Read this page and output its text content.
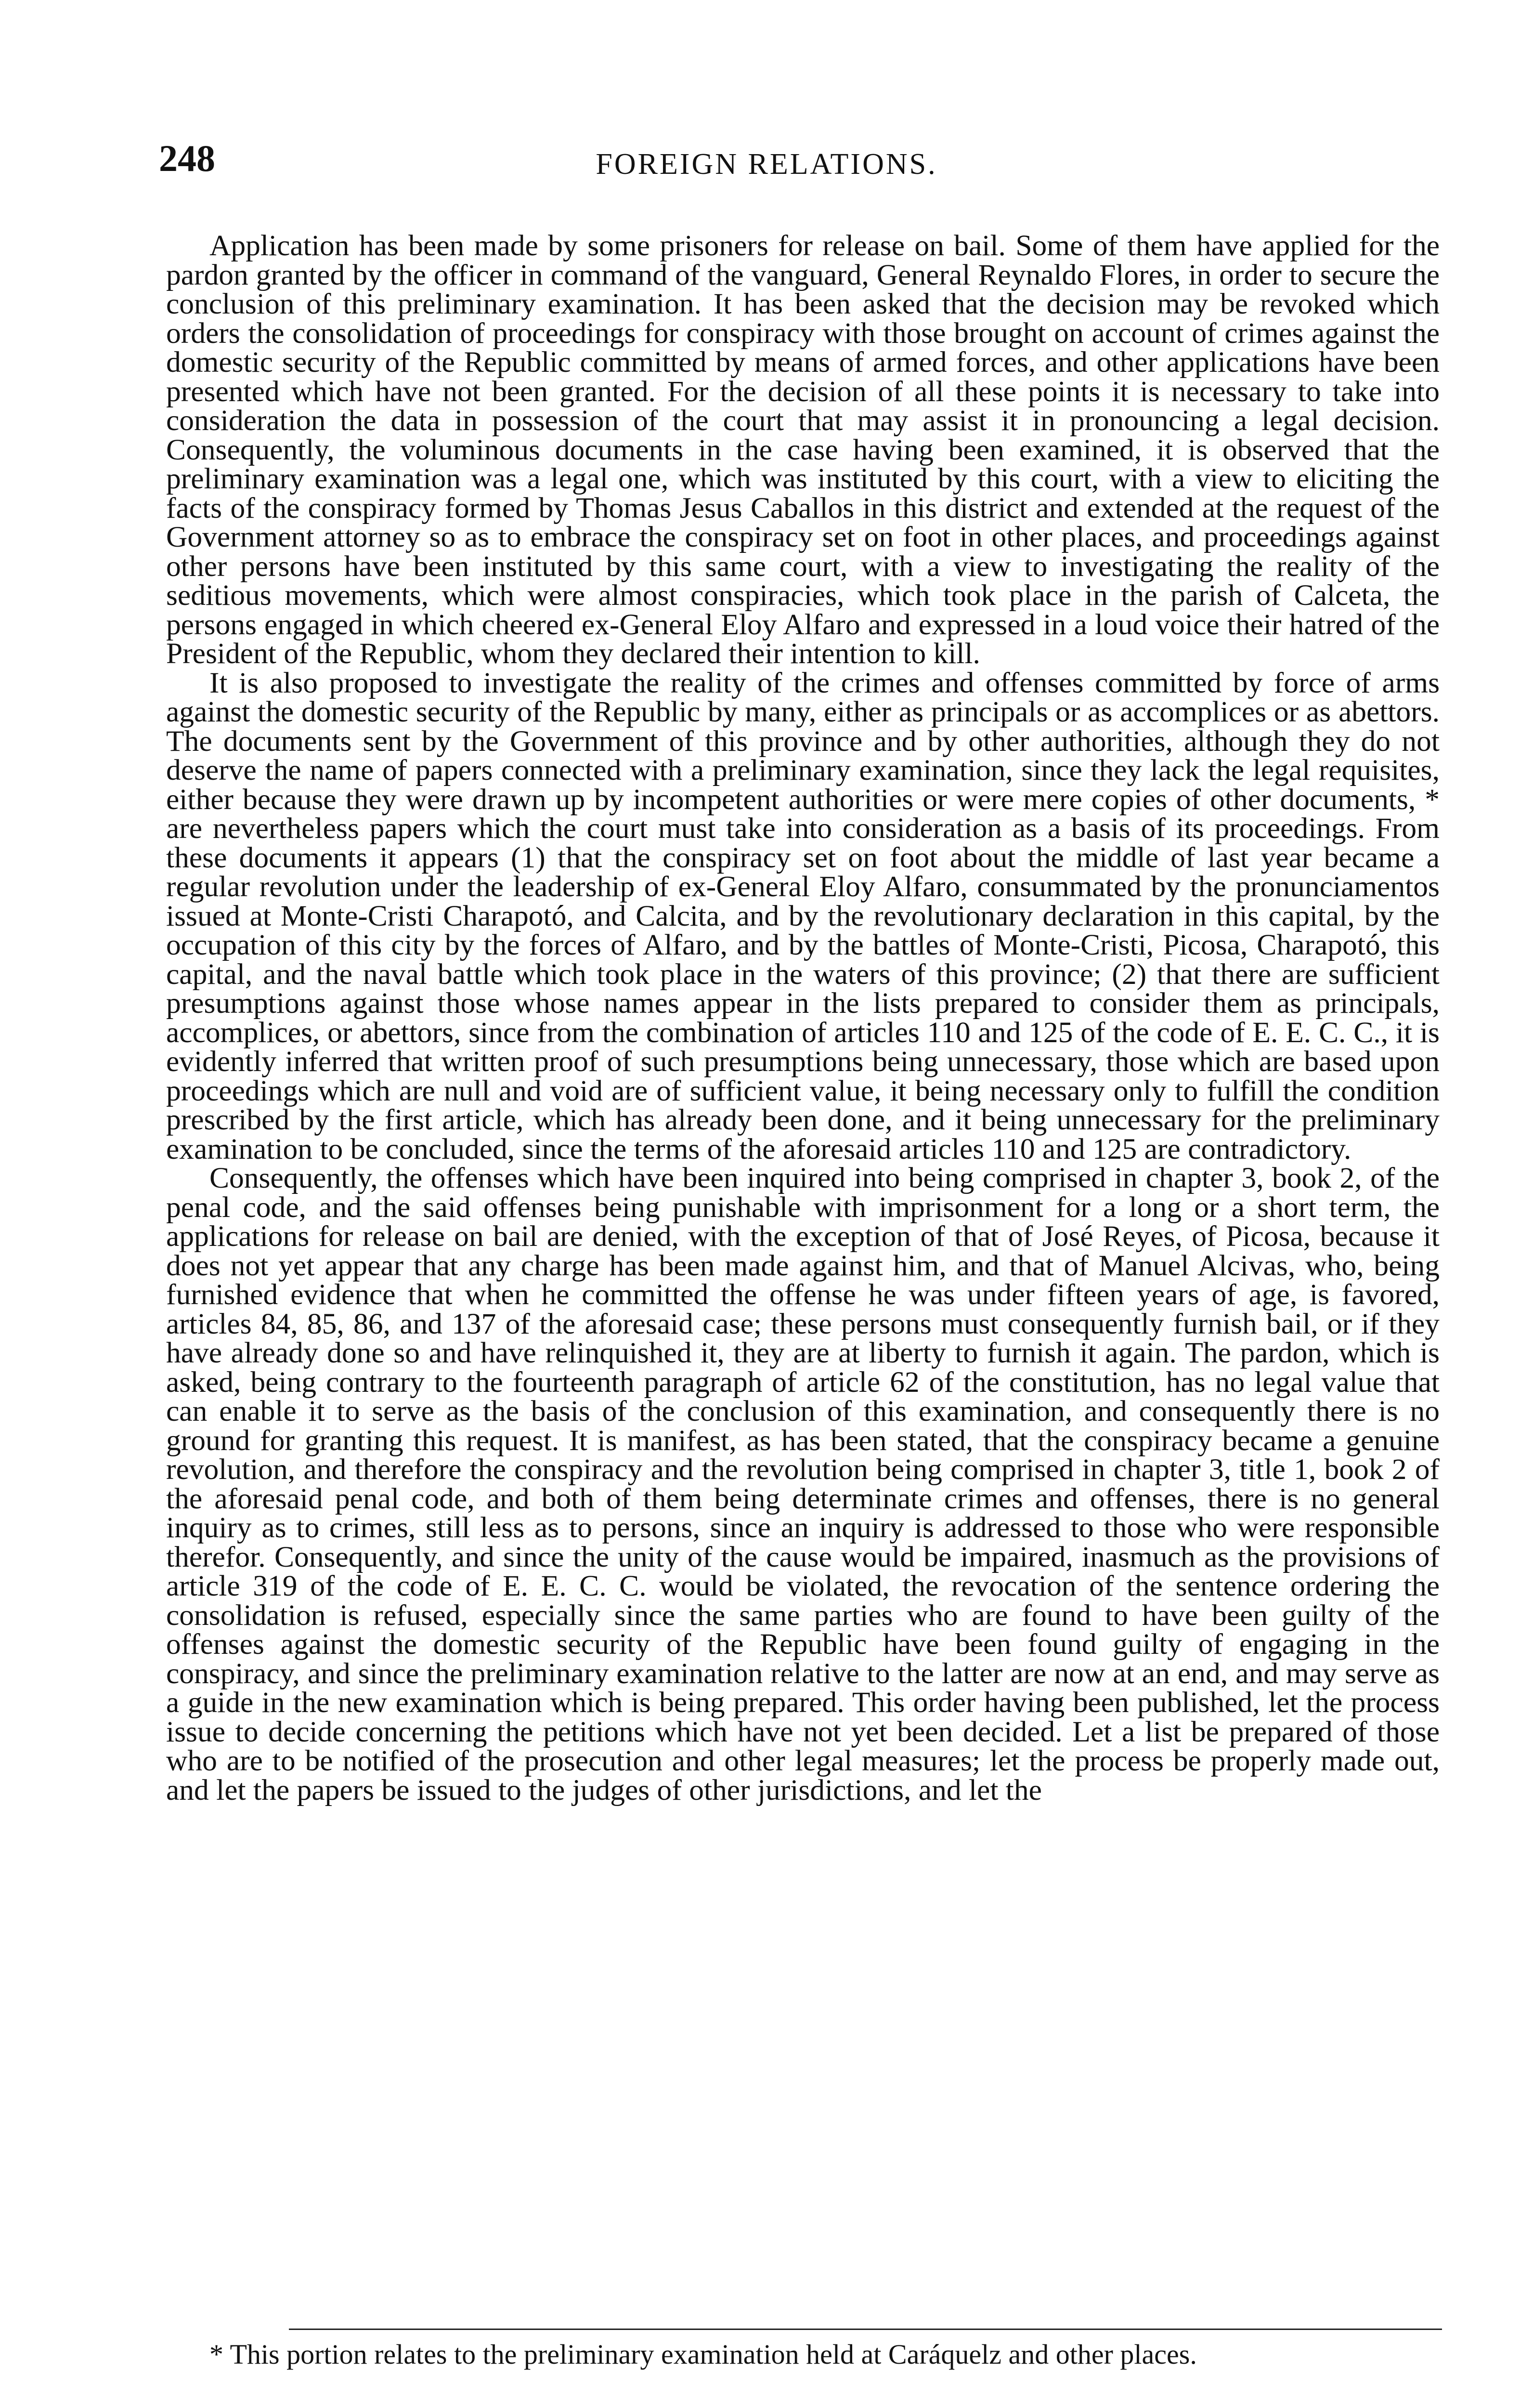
248	FOREIGN RELATIONS.

Application has been made by some prisoners for release on bail. Some of them have applied for the pardon granted by the officer in command of the vanguard, General Reynaldo Flores, in order to secure the conclusion of this preliminary examination. It has been asked that the decision may be revoked which orders the consolidation of proceedings for conspiracy with those brought on account of crimes against the domestic security of the Republic committed by means of armed forces, and other applications have been presented which have not been granted. For the decision of all these points it is necessary to take into consideration the data in possession of the court that may assist it in pronouncing a legal decision. Consequently, the voluminous documents in the case having been examined, it is observed that the preliminary examination was a legal one, which was instituted by this court, with a view to eliciting the facts of the conspiracy formed by Thomas Jesus Caballos in this district and extended at the request of the Government attorney so as to embrace the conspiracy set on foot in other places, and proceedings against other persons have been instituted by this same court, with a view to investigating the reality of the seditious movements, which were almost conspiracies, which took place in the parish of Calceta, the persons engaged in which cheered ex-General Eloy Alfaro and expressed in a loud voice their hatred of the President of the Republic, whom they declared their intention to kill.

It is also proposed to investigate the reality of the crimes and offenses committed by force of arms against the domestic security of the Republic by many, either as principals or as accomplices or as abettors. The documents sent by the Government of this province and by other authorities, although they do not deserve the name of papers connected with a preliminary examination, since they lack the legal requisites, either because they were drawn up by incompetent authorities or were mere copies of other documents, * are nevertheless papers which the court must take into consideration as a basis of its proceedings. From these documents it appears (1) that the conspiracy set on foot about the middle of last year became a regular revolution under the leadership of ex-General Eloy Alfaro, consummated by the pronunciamentos issued at Monte-Cristi Charapotó, and Calcita, and by the revolutionary declaration in this capital, by the occupation of this city by the forces of Alfaro, and by the battles of Monte-Cristi, Picosa, Charapotó, this capital, and the naval battle which took place in the waters of this province; (2) that there are sufficient presumptions against those whose names appear in the lists prepared to consider them as principals, accomplices, or abettors, since from the combination of articles 110 and 125 of the code of E. E. C. C., it is evidently inferred that written proof of such presumptions being unnecessary, those which are based upon proceedings which are null and void are of sufficient value, it being necessary only to fulfill the condition prescribed by the first article, which has already been done, and it being unnecessary for the preliminary examination to be concluded, since the terms of the aforesaid articles 110 and 125 are contradictory.

Consequently, the offenses which have been inquired into being comprised in chapter 3, book 2, of the penal code, and the said offenses being punishable with imprisonment for a long or a short term, the applications for release on bail are denied, with the exception of that of José Reyes, of Picosa, because it does not yet appear that any charge has been made against him, and that of Manuel Alcivas, who, being furnished evidence that when he committed the offense he was under fifteen years of age, is favored, articles 84, 85, 86, and 137 of the aforesaid case; these persons must consequently furnish bail, or if they have already done so and have relinquished it, they are at liberty to furnish it again. The pardon, which is asked, being contrary to the fourteenth paragraph of article 62 of the constitution, has no legal value that can enable it to serve as the basis of the conclusion of this examination, and consequently there is no ground for granting this request. It is manifest, as has been stated, that the conspiracy became a genuine revolution, and therefore the conspiracy and the revolution being comprised in chapter 3, title 1, book 2 of the aforesaid penal code, and both of them being determinate crimes and offenses, there is no general inquiry as to crimes, still less as to persons, since an inquiry is addressed to those who were responsible therefor. Consequently, and since the unity of the cause would be impaired, inasmuch as the provisions of article 319 of the code of E. E. C. C. would be violated, the revocation of the sentence ordering the consolidation is refused, especially since the same parties who are found to have been guilty of the offenses against the domestic security of the Republic have been found guilty of engaging in the conspiracy, and since the preliminary examination relative to the latter are now at an end, and may serve as a guide in the new examination which is being prepared. This order having been published, let the process issue to decide concerning the petitions which have not yet been decided. Let a list be prepared of those who are to be notified of the prosecution and other legal measures; let the process be properly made out, and let the papers be issued to the judges of other jurisdictions, and let the

* This portion relates to the preliminary examination held at Caráquelz and other places.
